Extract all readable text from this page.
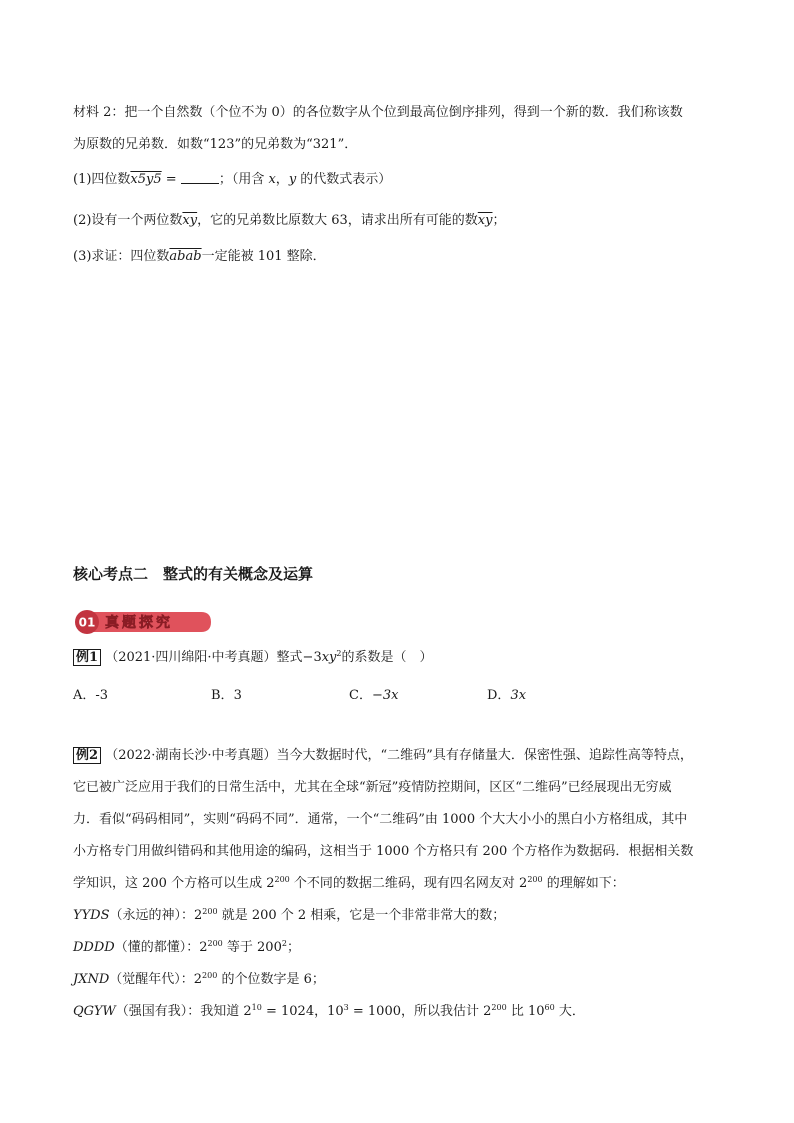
材料 2：把一个自然数（个位不为 0）的各位数字从个位到最高位倒序排列，得到一个新的数．我们称该数
为原数的兄弟数．如数“123”的兄弟数为“321”．
(1)四位数x5y5 =	；（用含 x，y 的代数式表示）
(2)设有一个两位数$\overline{xy}$，它的兄弟数比原数大 63，请求出所有可能的数$\overline{xy}$；
(3)求证：四位数abab一定能被 101 整除．
核心考点二　整式的有关概念及运算
01 真题探究
例1 （2021·四川绵阳·中考真题）整式$-3xy^2$的系数是（　）
A．-3	B．3	C．−3x	D．3x
例2 （2022·湖南长沙·中考真题）当今大数据时代，“二维码”具有存储量大．保密性强、追踪性高等特点，
它已被广泛应用于我们的日常生活中，尤其在全球“新冠”疫情防控期间，区区“二维码”已经展现出无穷威
力．看似“码码相同”，实则“码码不同”．通常，一个“二维码”由 1000 个大大小小的黑白小方格组成，其中
小方格专门用做纠错码和其他用途的编码，这相当于 1000 个方格只有 200 个方格作为数据码．根据相关数
学知识，这 200 个方格可以生成 $2^{200}$ 个不同的数据二维码，现有四名网友对 $2^{200}$ 的理解如下：
YYDS（永远的神）：$2^{200}$ 就是 200 个 2 相乘，它是一个非常非常大的数；
DDDD（懂的都懂）：$2^{200}$ 等于 $200^2$；
JXND（觉醒年代）：$2^{200}$ 的个位数字是 6；
QGYW（强国有我）：我知道 $2^{10} = 1024$，$10^3 = 1000$，所以我估计 $2^{200}$ 比 $10^{60}$ 大．
